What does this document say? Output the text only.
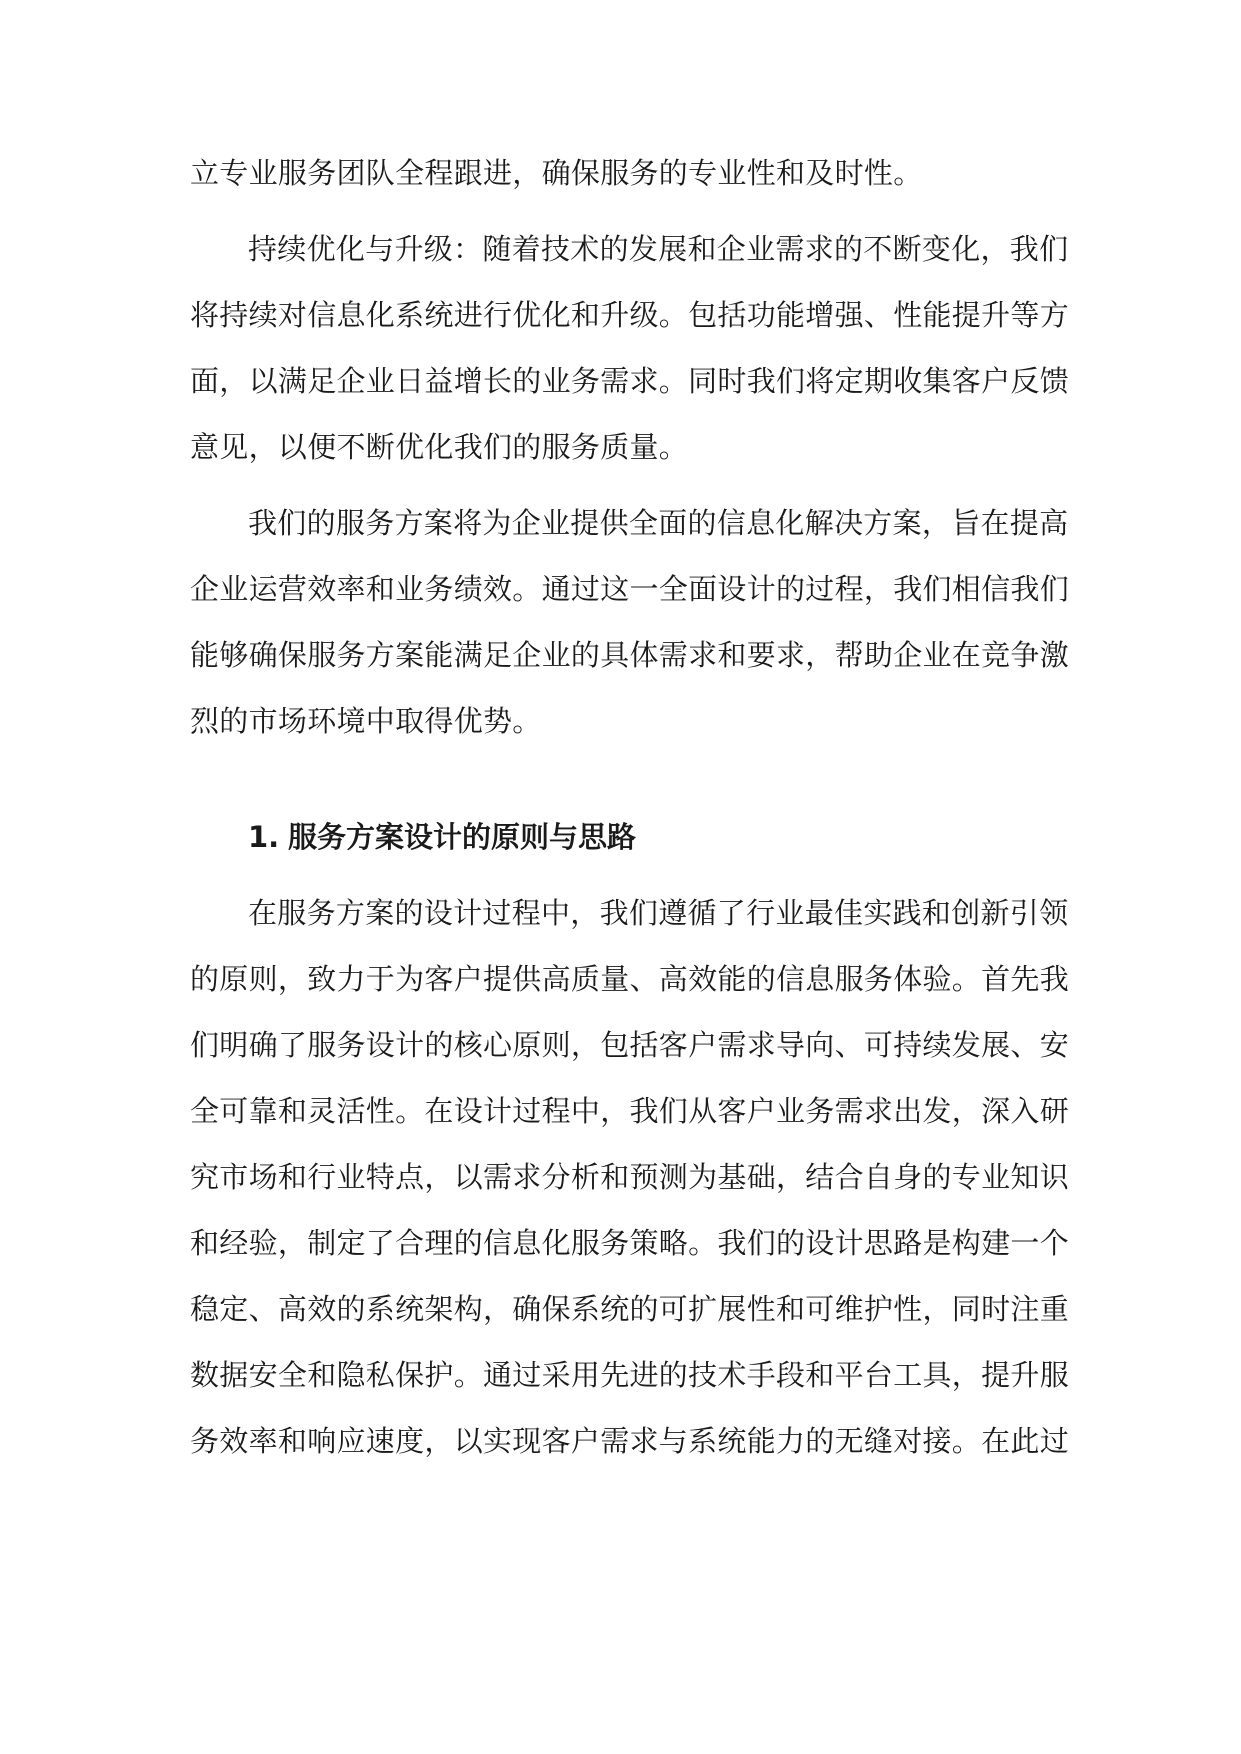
立专业服务团队全程跟进，确保服务的专业性和及时性。
持续优化与升级：随着技术的发展和企业需求的不断变化，我们
将持续对信息化系统进行优化和升级。包括功能增强、性能提升等方
面，以满足企业日益增长的业务需求。同时我们将定期收集客户反馈
意见，以便不断优化我们的服务质量。
我们的服务方案将为企业提供全面的信息化解决方案，旨在提高
企业运营效率和业务绩效。通过这一全面设计的过程，我们相信我们
能够确保服务方案能满足企业的具体需求和要求，帮助企业在竞争激
烈的市场环境中取得优势。
1. 服务方案设计的原则与思路
在服务方案的设计过程中，我们遵循了行业最佳实践和创新引领
的原则，致力于为客户提供高质量、高效能的信息服务体验。首先我
们明确了服务设计的核心原则，包括客户需求导向、可持续发展、安
全可靠和灵活性。在设计过程中，我们从客户业务需求出发，深入研
究市场和行业特点，以需求分析和预测为基础，结合自身的专业知识
和经验，制定了合理的信息化服务策略。我们的设计思路是构建一个
稳定、高效的系统架构，确保系统的可扩展性和可维护性，同时注重
数据安全和隐私保护。通过采用先进的技术手段和平台工具，提升服
务效率和响应速度，以实现客户需求与系统能力的无缝对接。在此过
